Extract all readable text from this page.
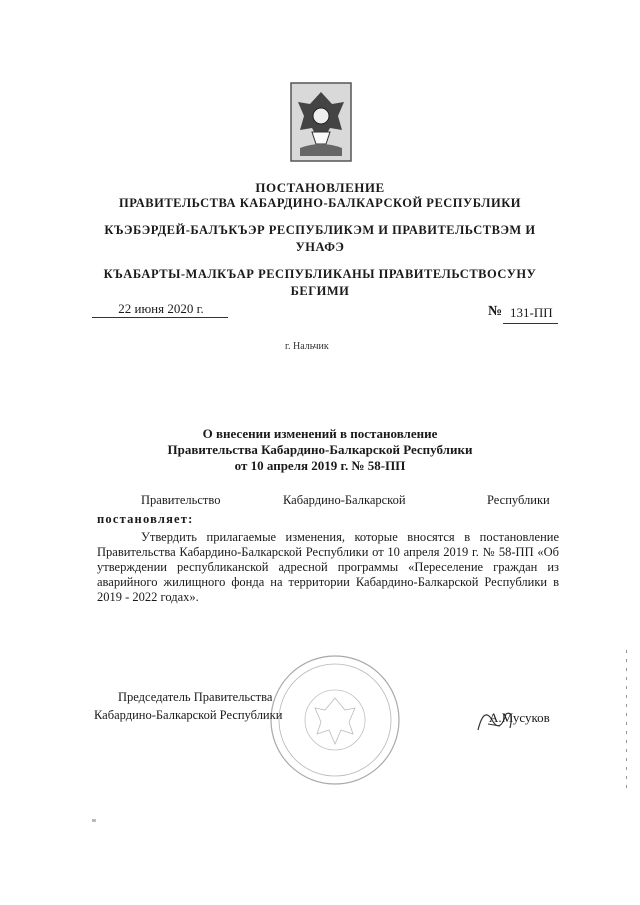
ПОСТАНОВЛЕНИЕ
ПРАВИТЕЛЬСТВА КАБАРДИНО-БАЛКАРСКОЙ РЕСПУБЛИКИ
КЪЭБЭРДЕЙ-БАЛЪКЪЭР РЕСПУБЛИКЭМ И ПРАВИТЕЛЬСТВЭМ И
УНАФЭ
КЪАБАРТЫ-МАЛКЪАР РЕСПУБЛИКАНЫ ПРАВИТЕЛЬСТВОСУНУ
БЕГИМИ
22 июня 2020 г.	№ 131-ПП
г. Нальчик
О внесении изменений в постановление
Правительства Кабардино-Балкарской Республики
от 10 апреля 2019 г. № 58-ПП
Правительство	Кабардино-Балкарской	Республики
постановляет:
Утвердить прилагаемые изменения, которые вносятся в постановление Правительства Кабардино-Балкарской Республики от 10 апреля 2019 г. № 58-ПП «Об утверждении республиканской адресной программы «Переселение граждан из аварийного жилищного фонда на территории Кабардино-Балкарской Республики в 2019 - 2022 годах».
Председатель Правительства
Кабардино-Балкарской Республики	А.Мусуков
м
